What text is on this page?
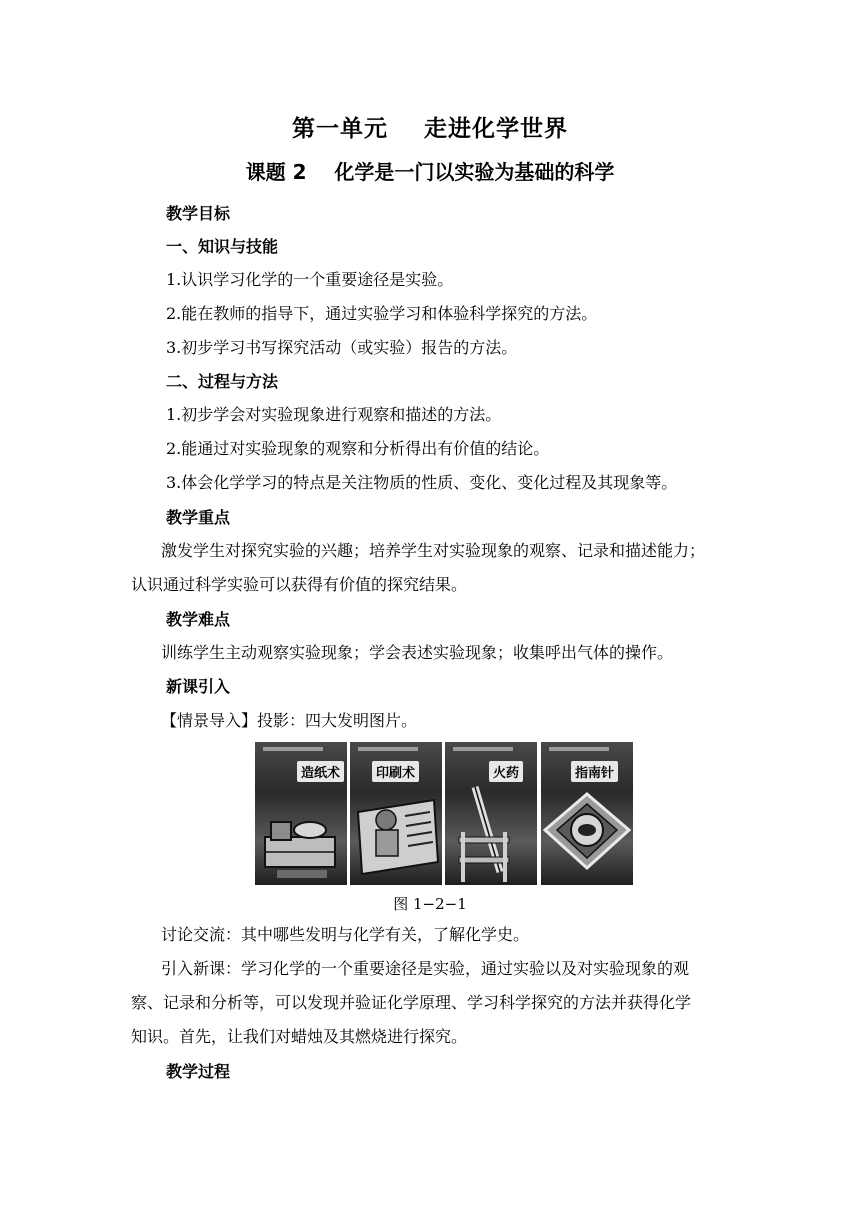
第一单元    走进化学世界
课题 2    化学是一门以实验为基础的科学
教学目标
一、知识与技能
1.认识学习化学的一个重要途径是实验。
2.能在教师的指导下，通过实验学习和体验科学探究的方法。
3.初步学习书写探究活动（或实验）报告的方法。
二、过程与方法
1.初步学会对实验现象进行观察和描述的方法。
2.能通过对实验现象的观察和分析得出有价值的结论。
3.体会化学学习的特点是关注物质的性质、变化、变化过程及其现象等。
教学重点
激发学生对探究实验的兴趣；培养学生对实验现象的观察、记录和描述能力；
认识通过科学实验可以获得有价值的探究结果。
教学难点
训练学生主动观察实验现象；学会表述实验现象；收集呼出气体的操作。
新课引入
【情景导入】投影：四大发明图片。
造纸术	印刷术	火药	指南针
图 1−2−1
讨论交流：其中哪些发明与化学有关，了解化学史。
引入新课：学习化学的一个重要途径是实验，通过实验以及对实验现象的观
察、记录和分析等，可以发现并验证化学原理、学习科学探究的方法并获得化学
知识。首先，让我们对蜡烛及其燃烧进行探究。
教学过程
